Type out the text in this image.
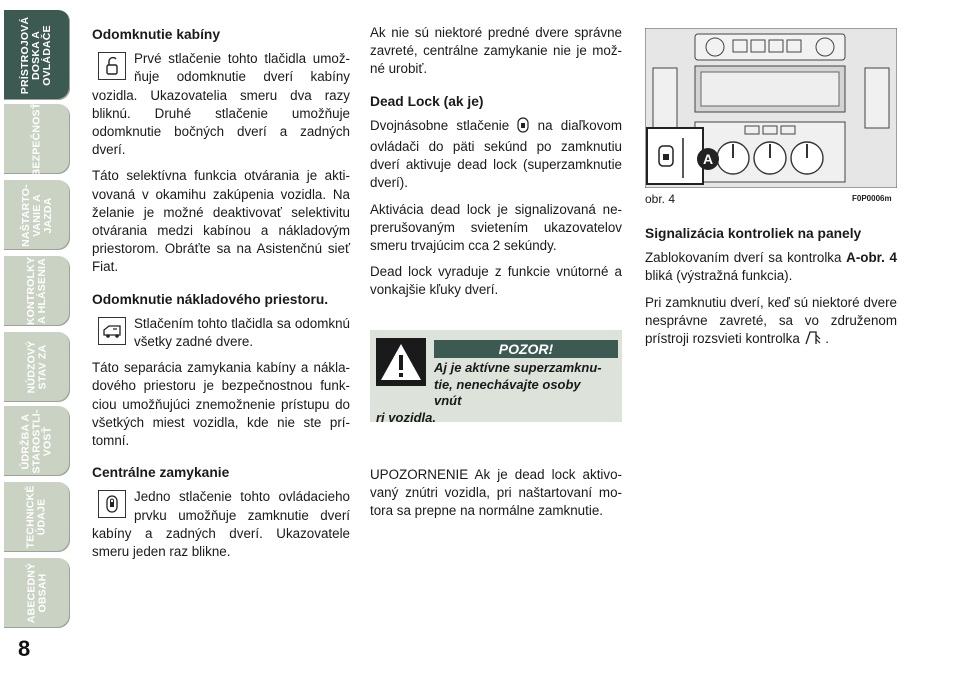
PRÍSTROJOVÁ
DOSKA A
OVLÁDAČE
BEZPEČNOSŤ
NAŠTARTO-
VANIE A
JAZDA
KONTROLKY
A HLÁSENIA
NÚDZOVÝ
STAV ZA
ÚDRŽBA A
STAROSTLI-
VOSŤ
TECHNICKÉ
ÚDAJE
ABECEDNÝ
OBSAH
8
Odomknutie kabíny

Prvé stlačenie tohto tlačidla umožňuje odomknutie dverí kabíny vozidla. Ukazovatelia smeru dva razy bliknú. Druhé stlačenie umožňuje odomknutie bočných dverí a zadných dverí.

Táto selektívna funkcia otvárania je aktivovaná v okamihu zakúpenia vozidla. Na želanie je možné deaktivovať selektivitu otvárania medzi kabínou a nákladovým priestorom. Obráťte sa na Asistenčnú sieť Fiat.

Odomknutie nákladového priestoru.

Stlačením tohto tlačidla sa odomknú všetky zadné dvere.

Táto separácia zamykania kabíny a nákladového priestoru je bezpečnostnou funkciou umožňujúci znemožnenie prístupu do všetkých miest vozidla, kde nie ste prítomní.

Centrálne zamykanie

Jedno stlačenie tohto ovládacieho prvku umožňuje zamknutie dverí kabíny a zadných dverí. Ukazovatele smeru jeden raz blikne.

Ak nie sú niektoré predné dvere správne zavreté, centrálne zamykanie nie je možné urobiť.

Dead Lock (ak je)

Dvojnásobne stlačenie na diaľkovom ovládači do päti sekúnd po zamknutiu dverí aktivuje dead lock (superzamknutie dverí).

Aktivácia dead lock je signalizovaná neprerušovaným svietením ukazovatelov smeru trvajúcim cca 2 sekúndy.

Dead lock vyraduje z funkcie vnútorné a vonkajšie kľuky dverí.

POZOR!
Aj je aktívne superzamknutie, nenechávajte osoby vnút
ri vozidla.

UPOZORNENIE Ak je dead lock aktivovaný znútri vozidla, pri naštartovaní motora sa prepne na normálne zamknutie.

A
obr. 4	F0P0006m
Signalizácia kontroliek na panely

Zablokovaním dverí sa kontrolka A-obr. 4 bliká (výstražná funkcia).

Pri zamknutiu dverí, keď sú niektoré dvere nesprávne zavreté, sa vo združenom prístroji rozsvieti kontrolka .
